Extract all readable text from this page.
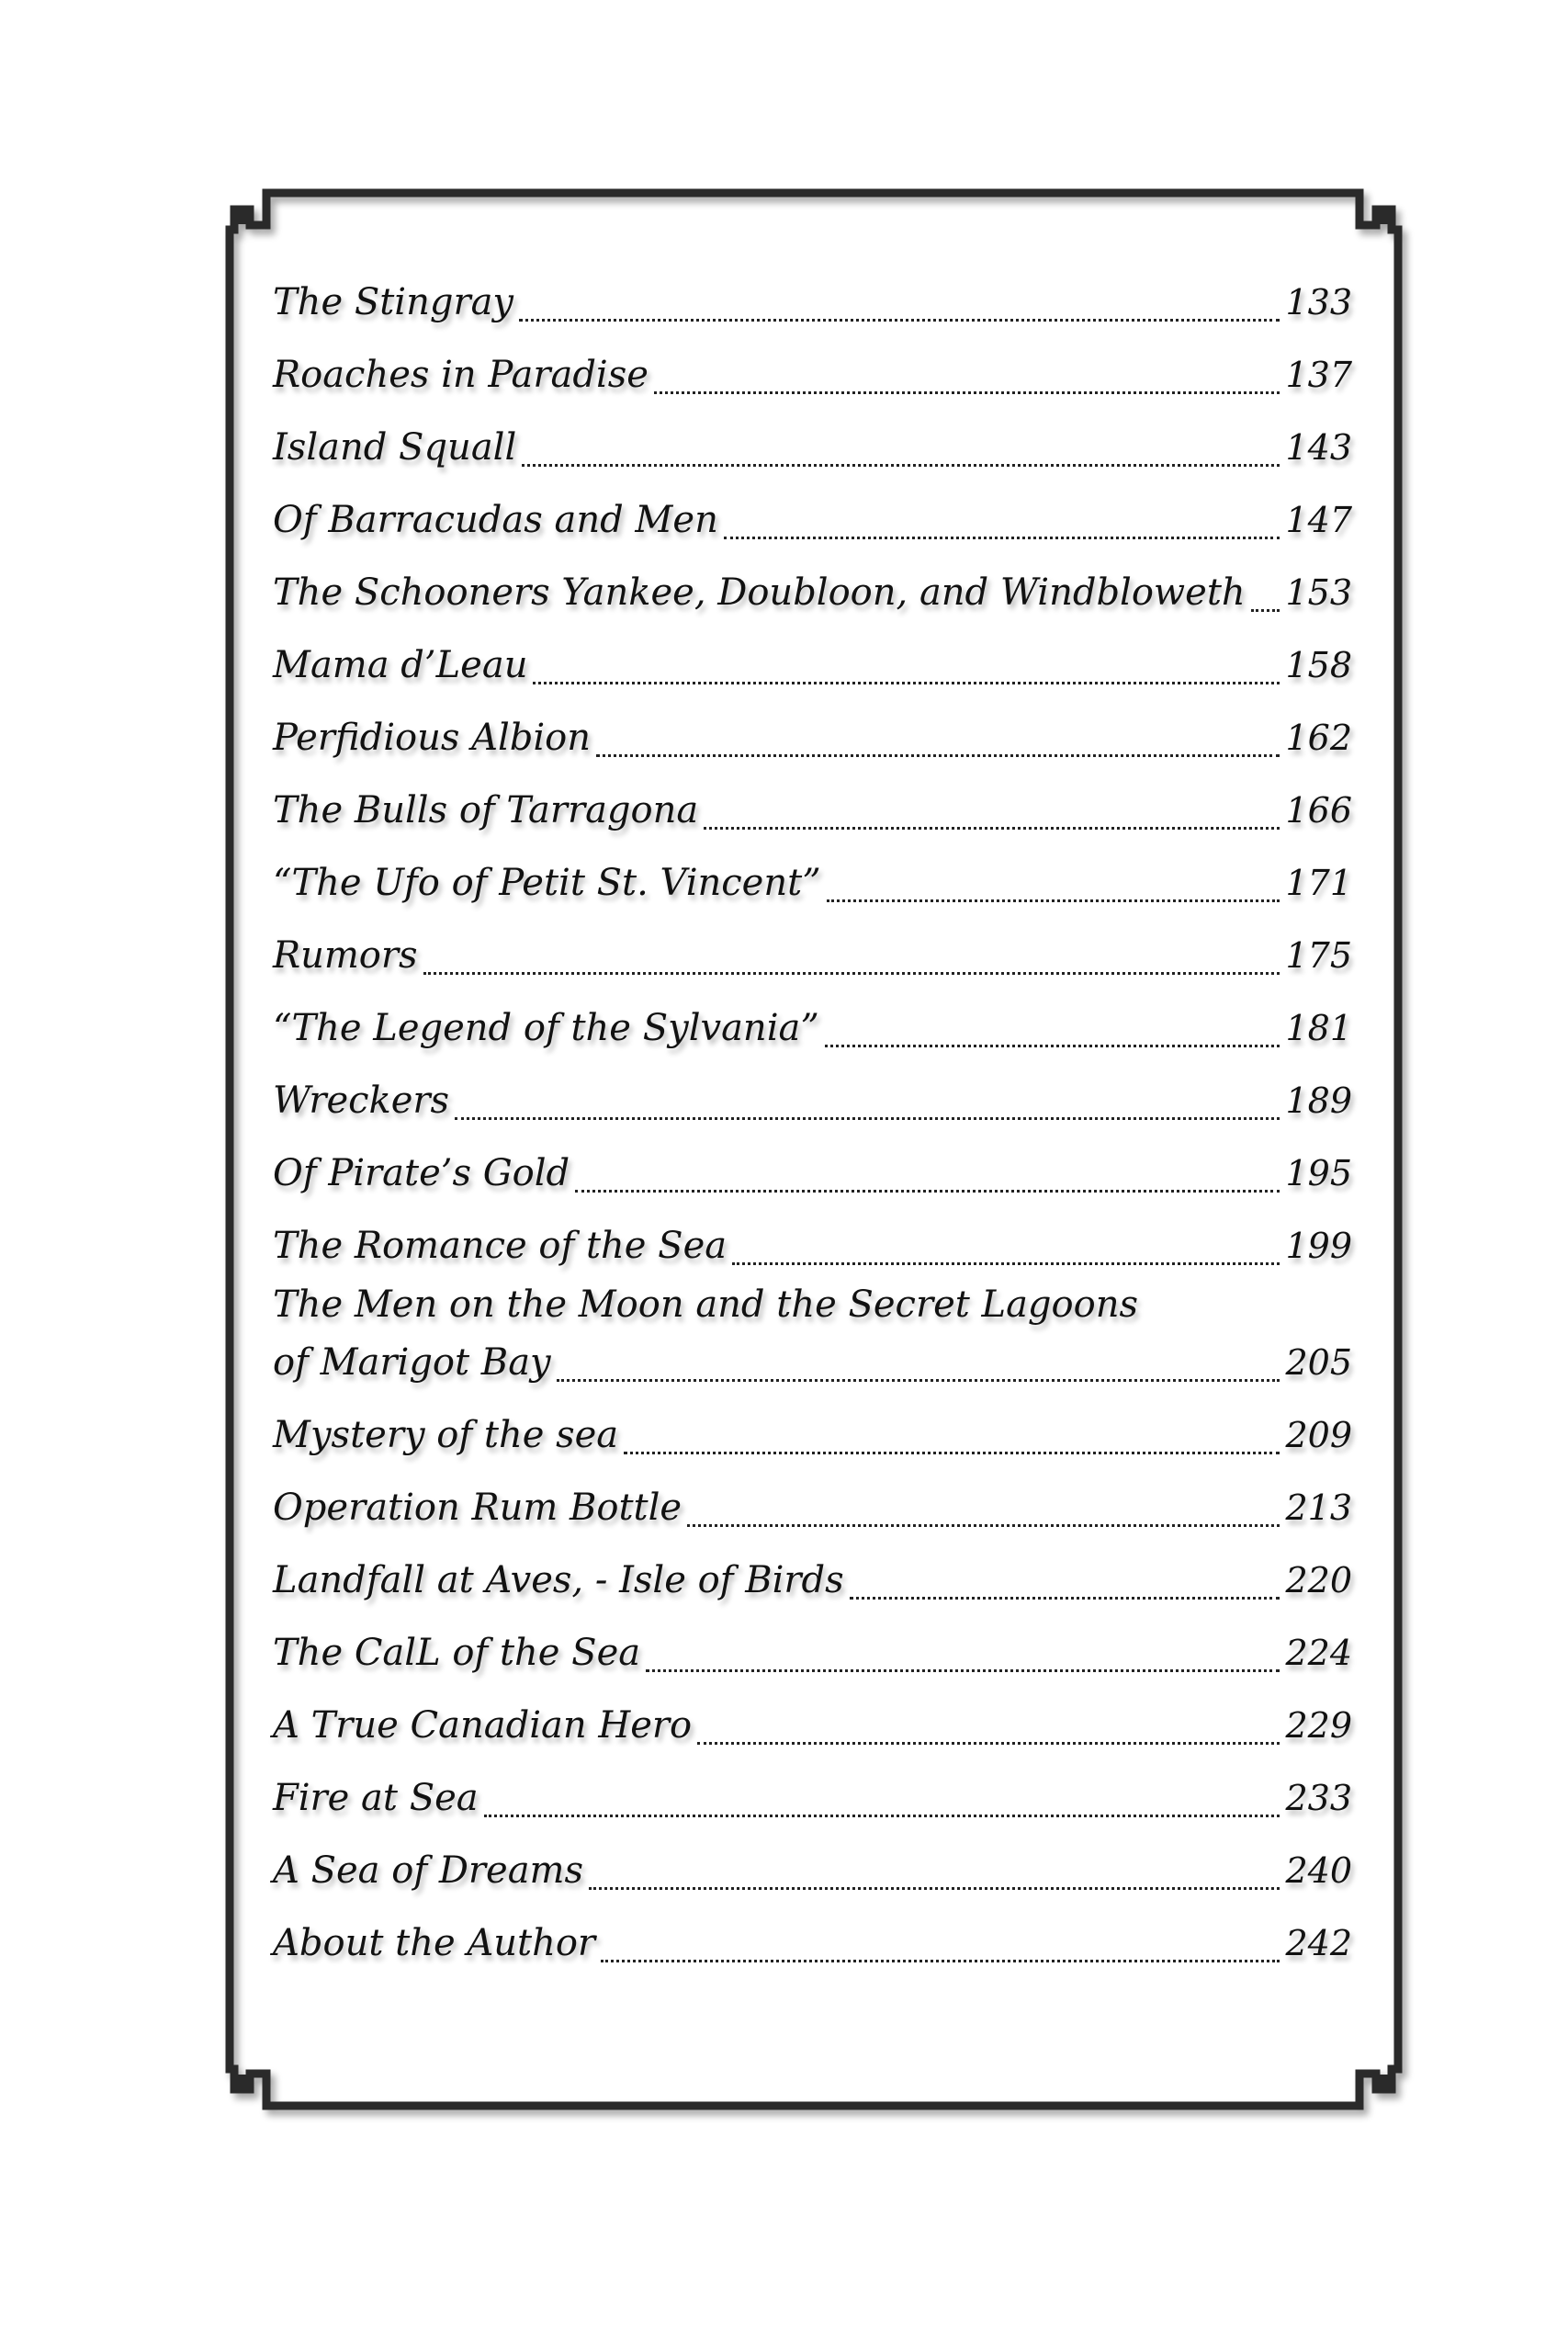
The Stingray	133
Roaches in Paradise	137
Island Squall	143
Of Barracudas and Men	147
The Schooners Yankee, Doubloon, and Windbloweth 153
Mama d’Leau	158
Perfidious Albion	162
The Bulls of Tarragona	166
“The Ufo of Petit St. Vincent”	171
Rumors	175
“The Legend of the Sylvania”	181
Wreckers	189
Of Pirate’s Gold	195
The Romance of the Sea	199
The Men on the Moon and the Secret Lagoons
of Marigot Bay	205
Mystery of the sea	209
Operation Rum Bottle	213
Landfall at Aves, - Isle of Birds	220
The CalL of the Sea	224
A True Canadian Hero	229
Fire at Sea	233
A Sea of Dreams	240
About the Author	242
